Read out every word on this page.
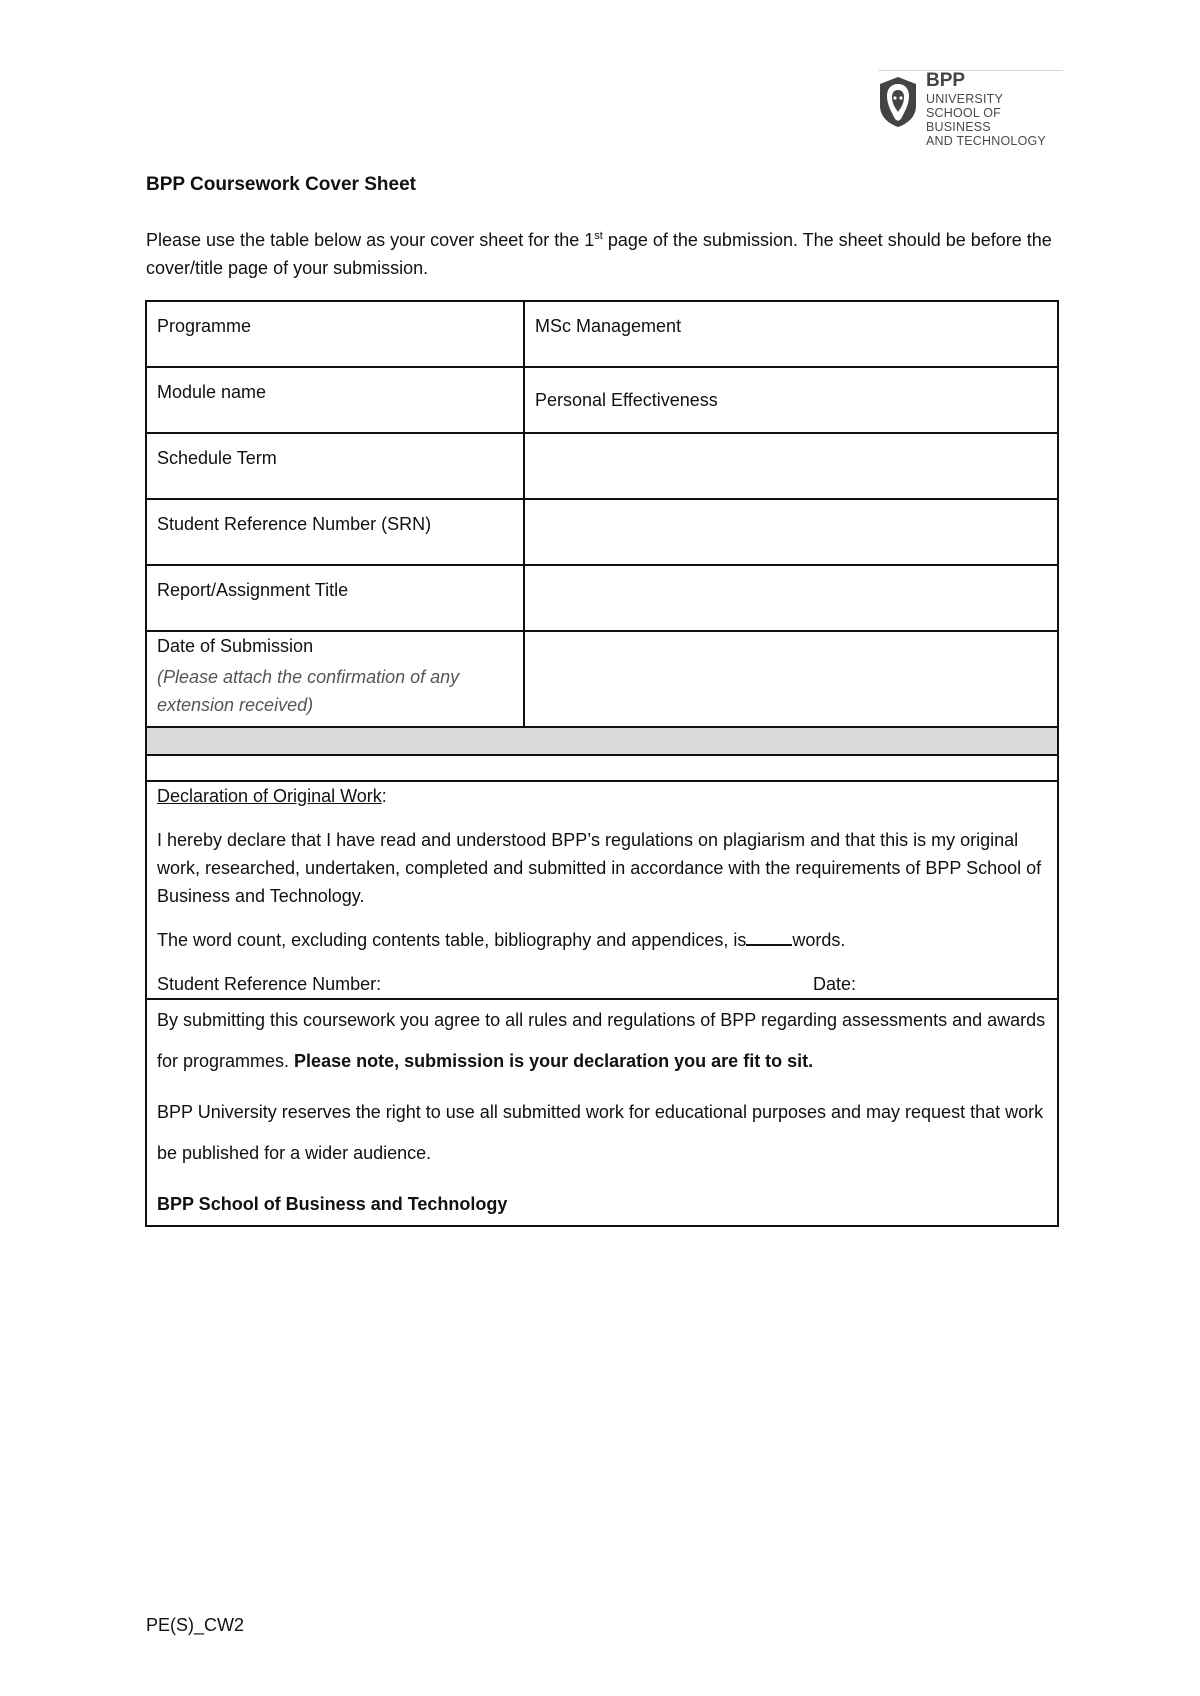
BPP
UNIVERSITY
SCHOOL OF BUSINESS
AND TECHNOLOGY
BPP Coursework Cover Sheet

Please use the table below as your cover sheet for the 1st page of the submission. The sheet should be before the cover/title page of your submission.

Programme	MSc Management

Module name	Personal Effectiveness

Schedule Term	

Student Reference Number (SRN)	

Report/Assignment Title	

Date of Submission
(Please attach the confirmation of any extension received)	

Declaration of Original Work:

I hereby declare that I have read and understood BPP’s regulations on plagiarism and that this is my original work, researched, undertaken, completed and submitted in accordance with the requirements of BPP School of Business and Technology.

The word count, excluding contents table, bibliography and appendices, is words.

Student Reference Number: Date:	

By submitting this coursework you agree to all rules and regulations of BPP regarding assessments and awards for programmes. Please note, submission is your declaration you are fit to sit.

BPP University reserves the right to use all submitted work for educational purposes and may request that work be published for a wider audience.

BPP School of Business and Technology	

PE(S)_CW2
